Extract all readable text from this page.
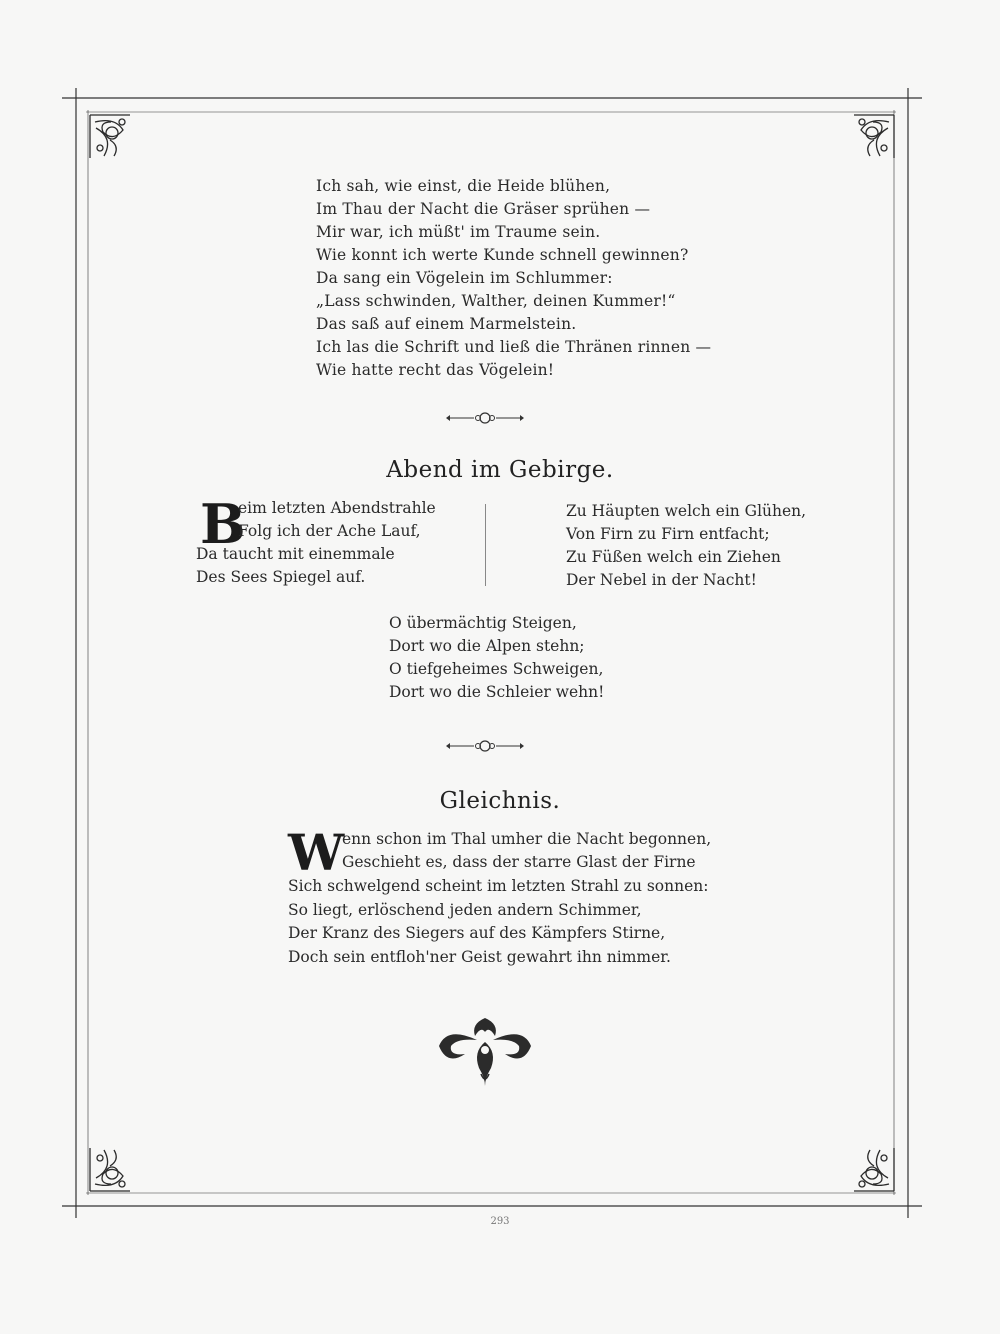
Ich sah, wie einst, die Heide blühen,
Im Thau der Nacht die Gräser sprühen —
Mir war, ich müßt' im Traume sein.
Wie konnt ich werte Kunde schnell gewinnen?
Da sang ein Vögelein im Schlummer:
„Lass schwinden, Walther, deinen Kummer!“
Das saß auf einem Marmelstein.
Ich las die Schrift und ließ die Thränen rinnen —
Wie hatte recht das Vögelein!
Abend im Gebirge.
B
eim letzten Abendstrahle
Folg ich der Ache Lauf,
Da taucht mit einemmale
Des Sees Spiegel auf.
Zu Häupten welch ein Glühen,
Von Firn zu Firn entfacht;
Zu Füßen welch ein Ziehen
Der Nebel in der Nacht!
O übermächtig Steigen,
Dort wo die Alpen stehn;
O tiefgeheimes Schweigen,
Dort wo die Schleier wehn!
Gleichnis.
W
enn schon im Thal umher die Nacht begonnen,
Geschieht es, dass der starre Glast der Firne
Sich schwelgend scheint im letzten Strahl zu sonnen:
So liegt, erlöschend jeden andern Schimmer,
Der Kranz des Siegers auf des Kämpfers Stirne,
Doch sein entfloh'ner Geist gewahrt ihn nimmer.
293
